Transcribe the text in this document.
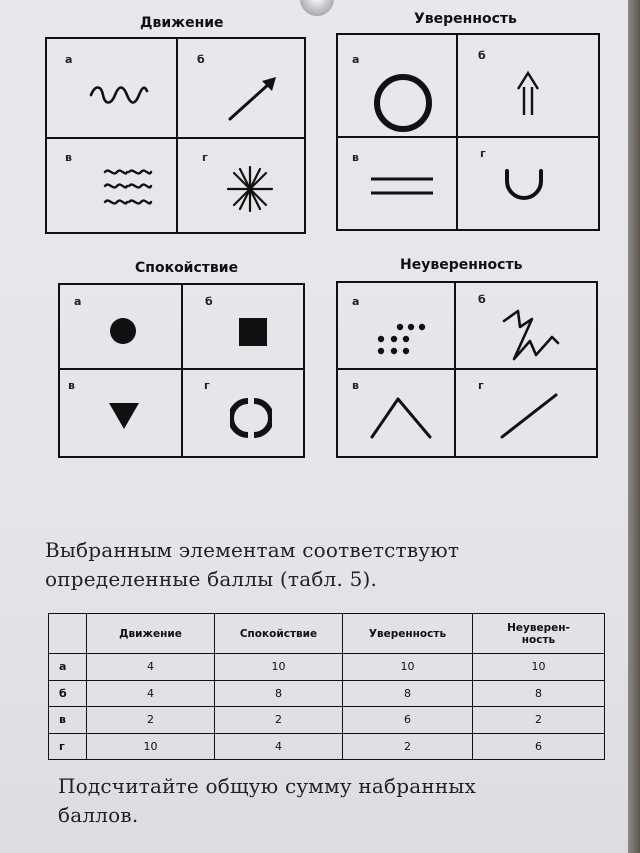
Движение
а	б
в	г
Уверенность
а	б
в	г
Спокойствие
а	б
в	г
Неуверенность
а	б
в	г
Выбранным элементам соответствуют
определенные баллы (табл. 5).
	Движение	Спокойствие	Уверенность	Неуверен-
ность
а	4	10	10	10
б	4	8	8	8
в	2	2	6	2
г	10	4	2	6
Подсчитайте общую сумму набранных
баллов.
